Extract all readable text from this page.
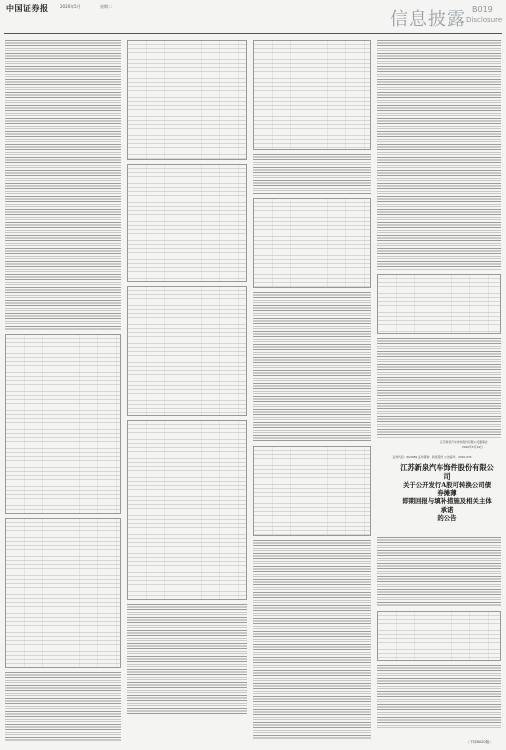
中国证券报	2020年5月	星期二
信息披露 B019
Disclosure
江苏新泉汽车饰件股份有限公司董事会
2020年5月19日
证券代码：603089 证券简称：新泉股份 公告编号：2020-032
江苏新泉汽车饰件股份有限公司
关于公开发行A股可转换公司债券摊薄
即期回报与填补措施及相关主体承诺
的公告
（下转B020版）
